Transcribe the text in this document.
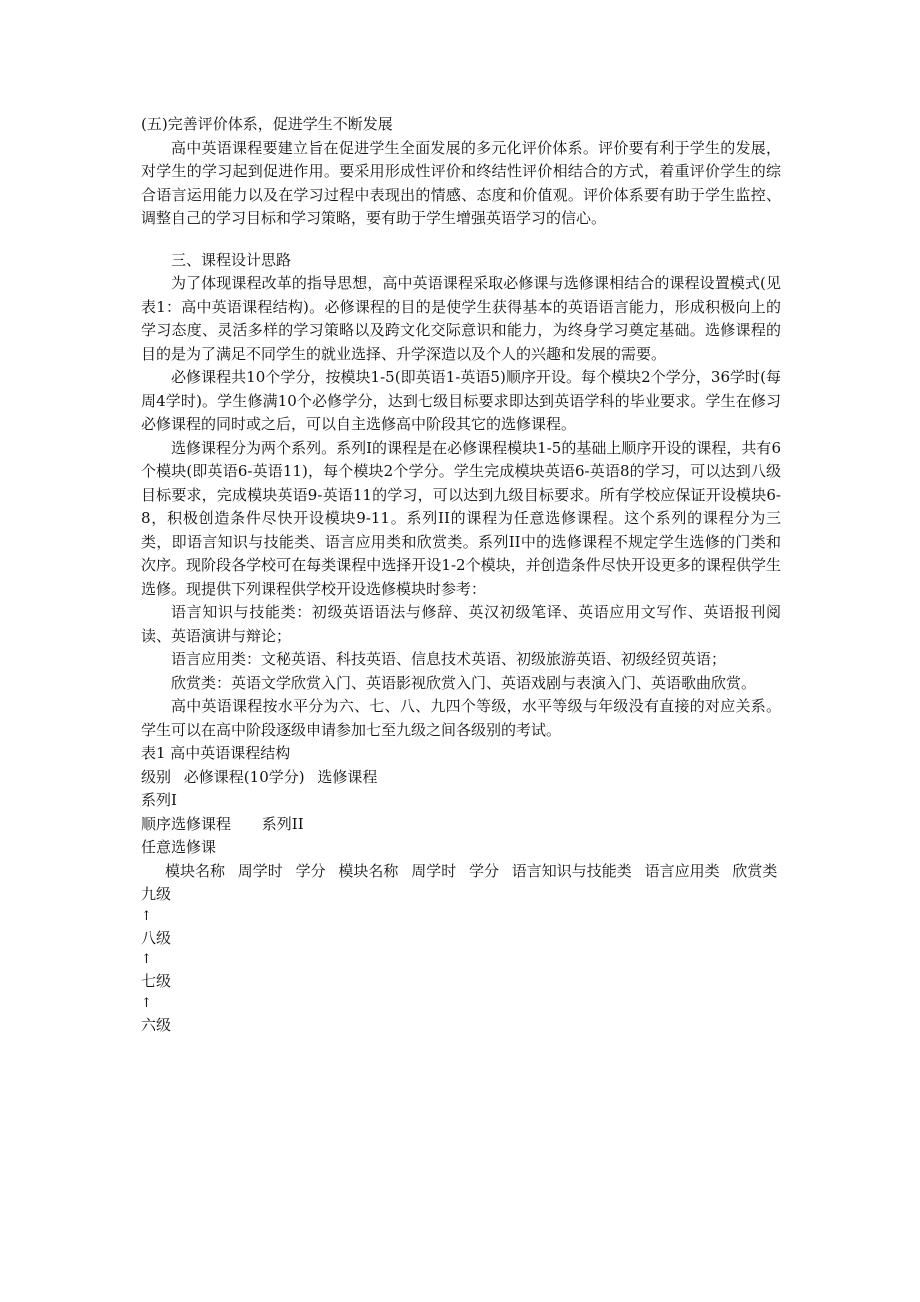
(五)完善评价体系，促进学生不断发展

高中英语课程要建立旨在促进学生全面发展的多元化评价体系。评价要有利于学生的发展，对学生的学习起到促进作用。要采用形成性评价和终结性评价相结合的方式，着重评价学生的综合语言运用能力以及在学习过程中表现出的情感、态度和价值观。评价体系要有助于学生监控、调整自己的学习目标和学习策略，要有助于学生增强英语学习的信心。

三、课程设计思路

为了体现课程改革的指导思想，高中英语课程采取必修课与选修课相结合的课程设置模式(见表1：高中英语课程结构)。必修课程的目的是使学生获得基本的英语语言能力，形成积极向上的学习态度、灵活多样的学习策略以及跨文化交际意识和能力，为终身学习奠定基础。选修课程的目的是为了满足不同学生的就业选择、升学深造以及个人的兴趣和发展的需要。

必修课程共10个学分，按模块1-5(即英语1-英语5)顺序开设。每个模块2个学分，36学时(每周4学时)。学生修满10个必修学分，达到七级目标要求即达到英语学科的毕业要求。学生在修习必修课程的同时或之后，可以自主选修高中阶段其它的选修课程。

选修课程分为两个系列。系列I的课程是在必修课程模块1-5的基础上顺序开设的课程，共有6个模块(即英语6-英语11)，每个模块2个学分。学生完成模块英语6-英语8的学习，可以达到八级目标要求，完成模块英语9-英语11的学习，可以达到九级目标要求。所有学校应保证开设模块6-8，积极创造条件尽快开设模块9-11。系列II的课程为任意选修课程。这个系列的课程分为三类，即语言知识与技能类、语言应用类和欣赏类。系列II中的选修课程不规定学生选修的门类和次序。现阶段各学校可在每类课程中选择开设1-2个模块，并创造条件尽快开设更多的课程供学生选修。现提供下列课程供学校开设选修模块时参考：

语言知识与技能类：初级英语语法与修辞、英汉初级笔译、英语应用文写作、英语报刊阅读、英语演讲与辩论；

语言应用类：文秘英语、科技英语、信息技术英语、初级旅游英语、初级经贸英语；

欣赏类：英语文学欣赏入门、英语影视欣赏入门、英语戏剧与表演入门、英语歌曲欣赏。

高中英语课程按水平分为六、七、八、九四个等级，水平等级与年级没有直接的对应关系。学生可以在高中阶段逐级申请参加七至九级之间各级别的考试。

表1 高中英语课程结构
级别 必修课程(10学分) 选修课程
系列I
顺序选修课程 系列II
任意选修课
模块名称 周学时 学分 模块名称 周学时 学分 语言知识与技能类 语言应用类 欣赏类
九级
↑
八级
↑
七级
↑
六级
